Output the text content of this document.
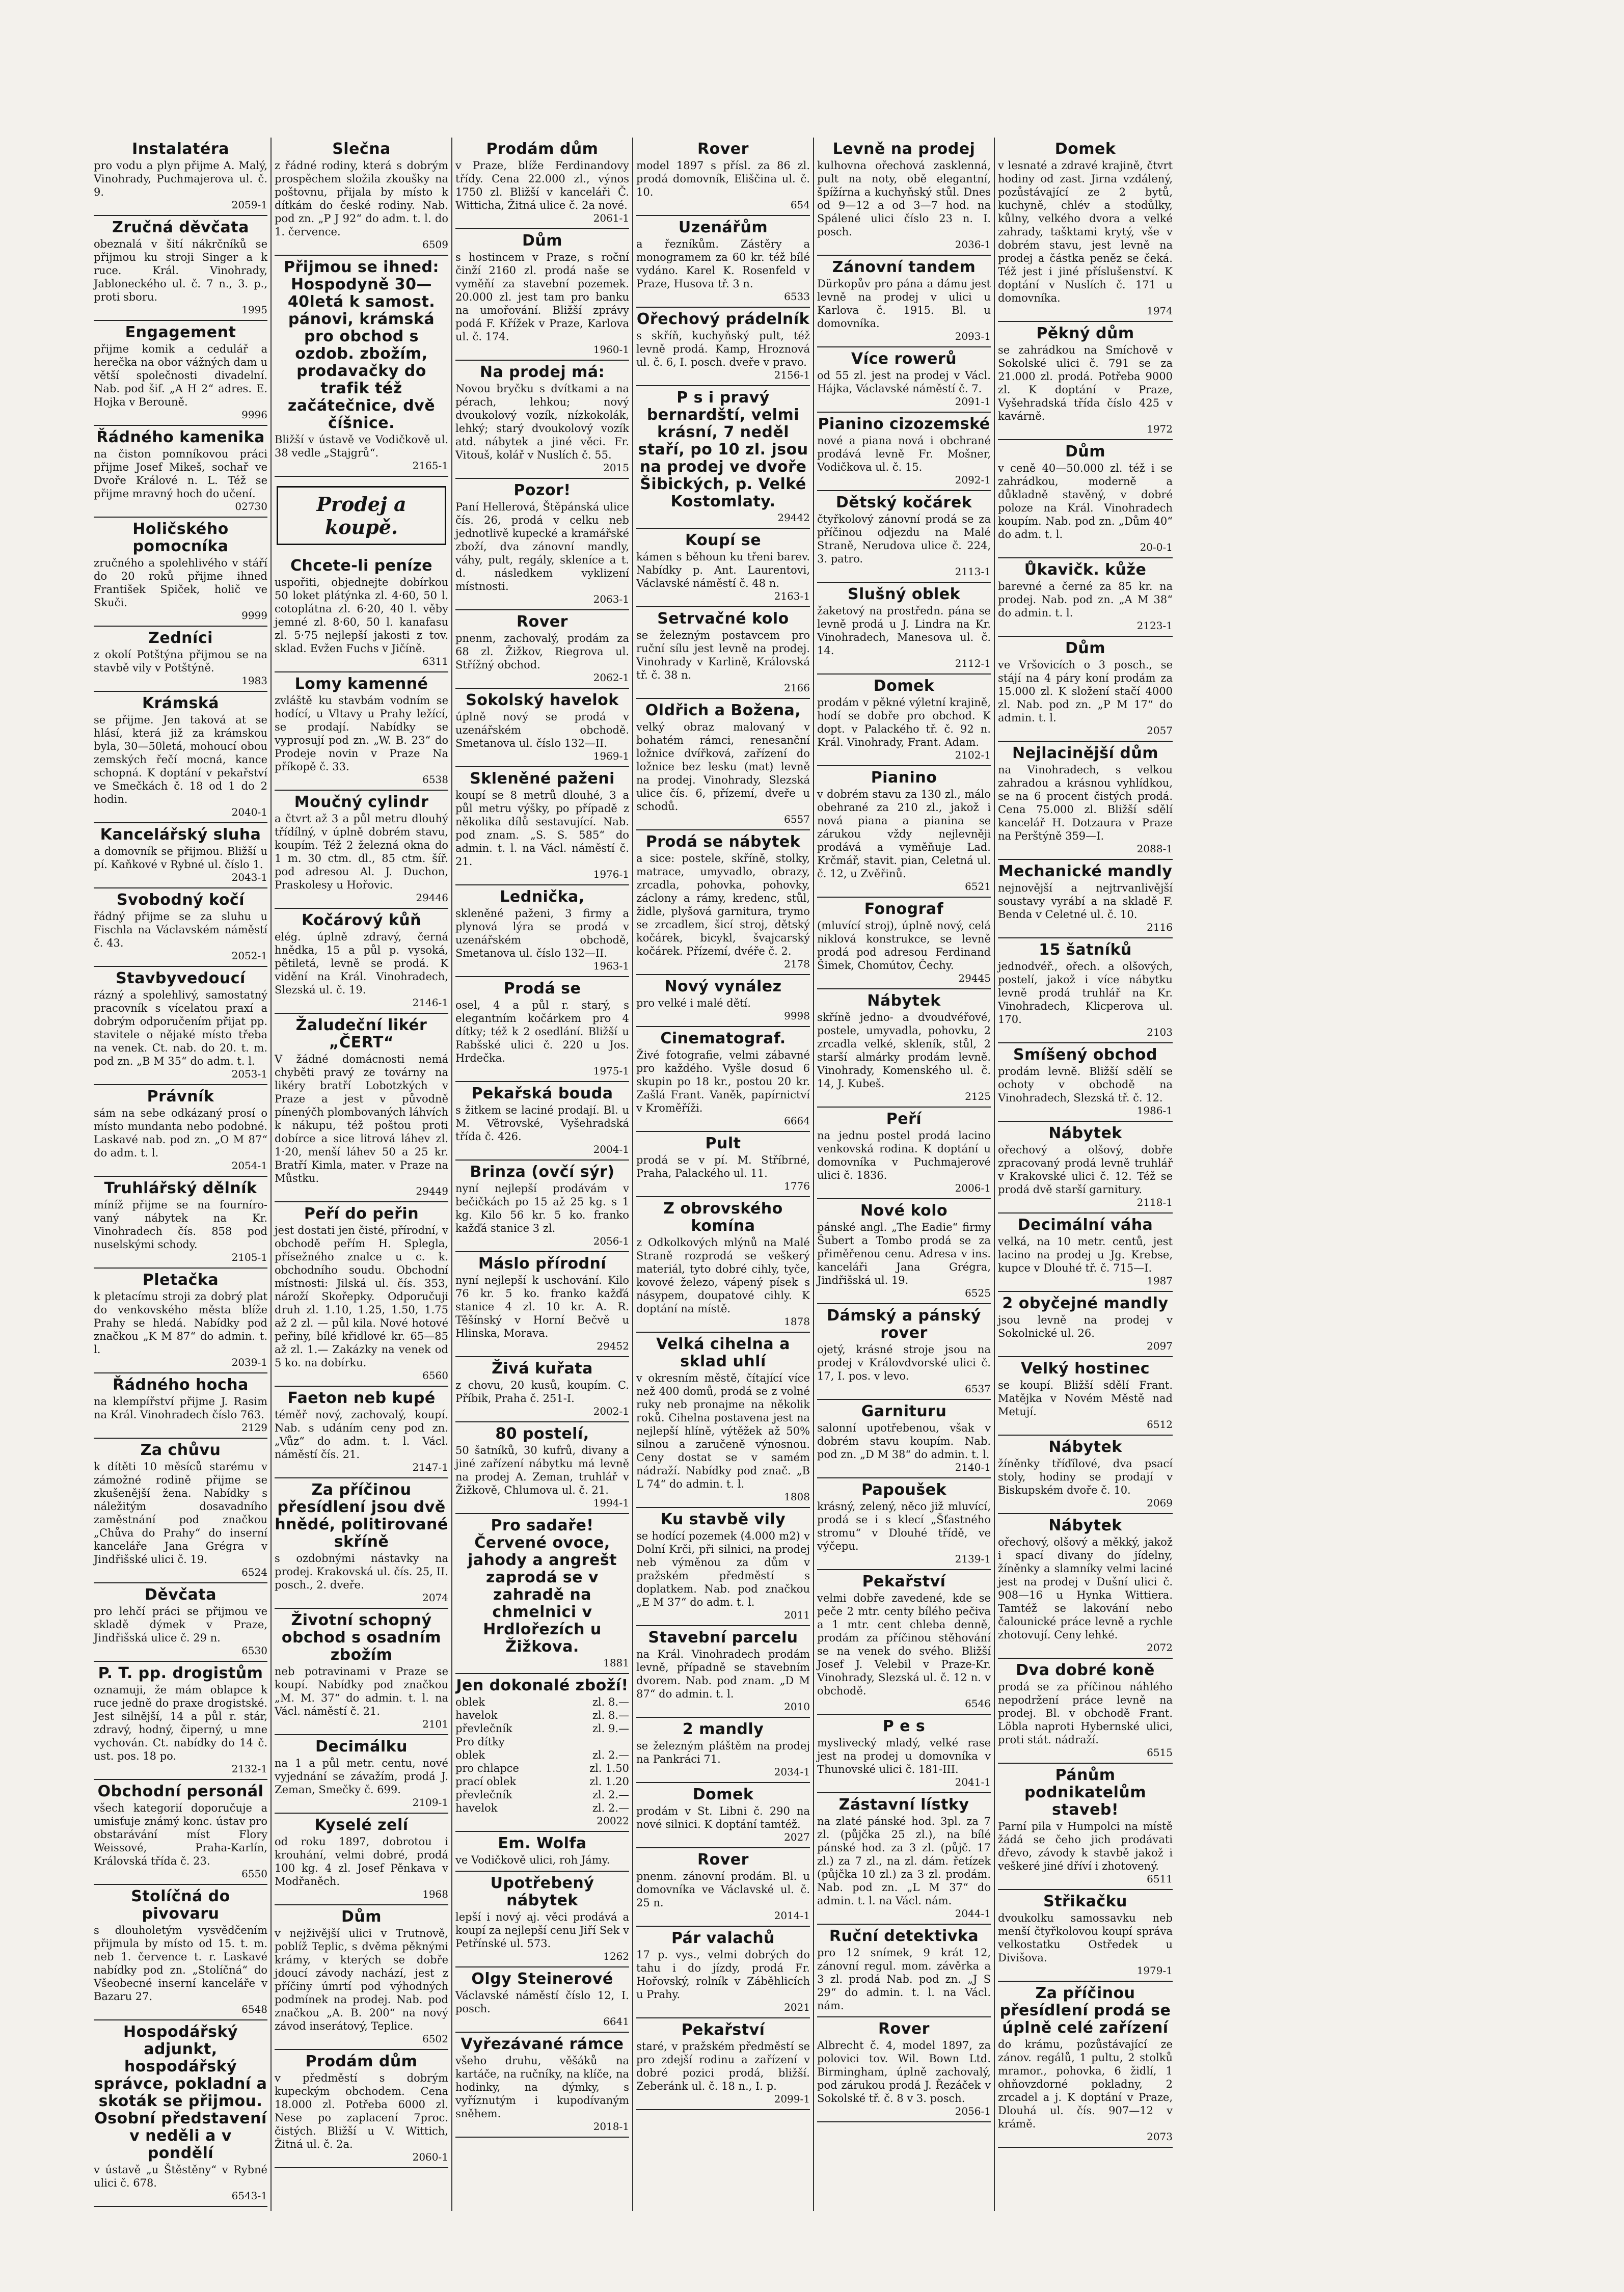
Instalatéra

pro vodu a plyn přijme A. Malý, Vinohrady, Puchmajerova ul. č. 9.

2059-1
Zručná děvčata

obeznalá v šití nákrčníků se přijmou ku stroji Singer a k ruce. Král. Vinohrady, Jabloneckého ul. č. 7 n., 3. p., proti sboru.

1995
Engagement

přijme komik a cedulář a herečka na obor vážných dam u větší společnosti divadelní. Nab. pod šif. „A H 2“ adres. E. Hojka v Berouně.

9996
Řádného kamenika

na čiston pomníkovou práci přijme Josef Mikeš, sochař ve Dvoře Králové n. L. Též se přijme mravný hoch do učení.

02730
Holičského pomocníka

zručného a spolehlivého v stáří do 20 roků přijme ihned František Spiček, holič ve Skuči.

9999
Zedníci

z okolí Potštýna přijmou se na stavbě vily v Potštýně.

1983
Krámská

se přijme. Jen taková at se hlásí, která již za krámskou byla, 30—50letá, mohoucí obou zemských řečí mocná, kance schopná. K doptání v pekařství ve Smečkách č. 18 od 1 do 2 hodin.

2040-1
Kancelářský sluha

a domovník se přijmou. Bližší u pí. Kaňkové v Rybné ul. číslo 1.

2043-1
Svobodný kočí

řádný přijme se za sluhu u Fischla na Václavském náměstí č. 43.

2052-1
Stavbyvedoucí

rázný a spolehlivý, samostatný pracovník s vícelatou praxí a dobrým odporučením přijat pp. stavitele o nějaké místo třeba na venek. Ct. nab. do 20. t. m. pod zn. „B M 35“ do adm. t. l.

2053-1
Právník

sám na sebe odkázaný prosí o místo mundanta nebo podobné. Laskavé nab. pod zn. „O M 87“ do adm. t. l.

2054-1
Truhlářský dělník

míníž přijme se na fourníro-vaný nábytek na Kr. Vinohradech čís. 858 pod nuselskými schody.

2105-1
Pletačka

k pletacímu stroji za dobrý plat do venkovského města blíže Prahy se hledá. Nabídky pod značkou „K M 87“ do admin. t. l.

2039-1
Řádného hocha

na klempířství přijme J. Rasim na Král. Vinohradech číslo 763.

2129
Za chůvu

k dítěti 10 měsíců starému v zámožné rodině přijme se zkušenější žena. Nabídky s náležitým dosavadního zaměstnání pod značkou „Chůva do Prahy“ do inserní kanceláře Jana Grégra v Jindřišské ulici č. 19.

6524
Děvčata

pro lehčí práci se přijmou ve skladě dýmek v Praze, Jindřišská ulice č. 29 n.

6530
P. T. pp. drogistům

oznamuji, že mám oblapce k ruce jedně do praxe drogistské. Jest silnější, 14 a půl r. stár, zdravý, hodný, čiperný, u mne vychován. Ct. nabídky do 14 č. ust. pos. 18 po.

2132-1
Obchodní personál

všech kategorií doporučuje a umisťuje známý konc. ústav pro obstarávání míst Flory Weissové, Praha-Karlín, Královská třída č. 23.

6550
Stolíčná do pivovaru

s dlouholetým vysvědčením přijmula by místo od 15. t. m. neb 1. července t. r. Laskavé nabídky pod zn. „Stolíčná“ do Všeobecné inserní kanceláře v Bazaru 27.

6548
Hospodářský adjunkt, hospodářský správce, pokladní a skoták se přijmou. Osobní představení v neděli a v pondělí

v ústavě „u Štěstěny“ v Rybné ulici č. 678.

6543-1
Slečna

z řádné rodiny, která s dobrým prospěchem složila zkoušky na poštovnu, přijala by místo k dítkám do české rodiny. Nab. pod zn. „P J 92“ do adm. t. l. do 1. července.

6509
Přijmou se ihned: Hospodyně 30—40letá k samost. pánovi, krámská pro obchod s ozdob. zbožím, prodavačky do trafik též začátečnice, dvě číšnice.

Bližší v ústavě ve Vodičkově ul. 38 vedle „Stajgrů“.

2165-1
Prodej a koupě.
Chcete-li peníze

uspořiti, objednejte dobírkou 50 loket plátýnka zl. 4·60, 50 l. cotoplátna zl. 6·20, 40 l. věby jemné zl. 8·60, 50 l. kanafasu zl. 5·75 nejlepší jakosti z tov. sklad. Evžen Fuchs v Jičíně.

6311
Lomy kamenné

zvláště ku stavbám vodním se hodící, u Vltavy u Prahy ležící, se prodají. Nabídky se vyprosují pod zn. „W. B. 23“ do Prodeje novin v Praze Na příkopě č. 33.

6538
Moučný cylindr

a čtvrt až 3 a půl metru dlouhý třídílný, v úplně dobrém stavu, koupím. Též 2 železná okna do 1 m. 30 ctm. dl., 85 ctm. šíř. pod adresou Al. J. Duchon, Praskolesy u Hořovic.

29446
Kočárový kůň

elég. úplně zdravý, černá hnědka, 15 a půl p. vysoká, pětiletá, levně se prodá. K vidění na Král. Vinohradech, Slezská ul. č. 19.

2146-1
Žaludeční likér „ČERT“

V žádné domácnosti nemá chyběti pravý ze továrny na likéry bratří Lobotzkých v Praze a jest v původně pínenýčh plombovaných láhvích k nákupu, též poštou proti dobírce a sice litrová láhev zl. 1·20, menší láhev 50 a 25 kr. Bratří Kimla, mater. v Praze na Můstku.

29449
Peří do peřin

jest dostati jen čisté, přírodní, v obchodě peřím H. Splegla, přísežného znalce u c. k. obchodního soudu. Obchodní místnosti: Jilská ul. čís. 353, nároží Skořepky. Odporučuji druh zl. 1.10, 1.25, 1.50, 1.75 až 2 zl. — půl kila. Nové hotové peřiny, bílé křidlové kr. 65—85 až zl. 1.— Zakázky na venek od 5 ko. na dobírku.

6560
Faeton neb kupé

téměř nový, zachovalý, koupí. Nab. s udáním ceny pod zn. „Vůz“ do adm. t. l. Václ. náměstí čís. 21.

2147-1
Za příčinou přesídlení jsou dvě hnědé, politirované skříně

s ozdobnými nástavky na prodej. Krakovská ul. čís. 25, II. posch., 2. dveře.

2074
Životní schopný obchod s osadním zbožím

neb potravinami v Praze se koupí. Nabídky pod značkou „M. M. 37“ do admin. t. l. na Václ. náměstí č. 21.

2101
Decimálku

na 1 a půl metr. centu, nové vyjednání se závažím, prodá J. Zeman, Smečky č. 699.

2109-1
Kyselé zelí

od roku 1897, dobrotou i krouhání, velmi dobré, prodá 100 kg. 4 zl. Josef Pěnkava v Modřaněch.

1968
Dům

v nejživější ulici v Trutnově, poblíž Teplic, s dvěma pěknými krámy, v kterých se dobře jdoucí závody nachází, jest z příčiny úmrtí pod výhodných podmínek na prodej. Nab. pod značkou „A. B. 200“ na nový závod inserátový, Teplice.

6502
Prodám dům

v předměstí s dobrým kupeckým obchodem. Cena 18.000 zl. Potřeba 6000 zl. Nese po zaplacení 7proc. čistých. Bližší u V. Wittich, Žitná ul. č. 2a.

2060-1
Prodám dům

v Praze, blíže Ferdinandovy třídy. Cena 22.000 zl., výnos 1750 zl. Bližší v kanceláři Č. Witticha, Žitná ulice č. 2a nové.

2061-1
Dům

s hostincem v Praze, s roční činží 2160 zl. prodá naše se vyměňí za stavební pozemek. 20.000 zl. jest tam pro banku na umořování. Bližší zprávy podá F. Křížek v Praze, Karlova ul. č. 174.

1960-1
Na prodej má:

Novou bryčku s dvítkami a na pérach, lehkou; nový dvoukolový vozík, nízkokolák, lehký; starý dvoukolový vozík atd. nábytek a jiné věci. Fr. Vitouš, kolář v Nuslích č. 55.

2015
Pozor!

Paní Hellerová, Štěpánská ulice čís. 26, prodá v celku neb jednotlivě kupecké a kramářské zboží, dva zánovní mandly, váhy, pult, regály, skleníce a t. d. následkem vyklizení místnosti.

2063-1
Rover

pnenm, zachovalý, prodám za 68 zl. Žižkov, Riegrova ul. Střížný obchod.

2062-1
Sokolský havelok

úplně nový se prodá v uzenářském obchodě. Smetanova ul. číslo 132—II.

1969-1
Skleněné paženi

koupí se 8 metrů dlouhé, 3 a půl metru výšky, po případě z několika dílů sestavující. Nab. pod znam. „S. S. 585“ do admin. t. l. na Václ. náměstí č. 21.

1976-1
Lednička,

skleněné paženi, 3 firmy a plynová lýra se prodá v uzenářském obchodě, Smetanova ul. číslo 132—II.

1963-1
Prodá se

osel, 4 a půl r. starý, s elegantním kočárkem pro 4 dítky; též k 2 osedlání. Bližší u Rabšské ulici č. 220 u Jos. Hrdečka.

1975-1
Pekařská bouda

s žitkem se laciné prodají. Bl. u M. Větrovské, Vyšehradská třída č. 426.

2004-1
Brinza (ovčí sýr)

nyní nejlepší prodávám v bečičkách po 15 až 25 kg. s 1 kg. Kilo 56 kr. 5 ko. franko kažďá stanice 3 zl.

2056-1
Máslo přírodní

nyní nejlepší k uschování. Kilo 76 kr. 5 ko. franko kažďá stanice 4 zl. 10 kr. A. R. Těšínský v Horní Bečvě u Hlinska, Morava.

29452
Živá kuřata

z chovu, 20 kusů, koupím. C. Příbik, Praha č. 251-I.

2002-1
80 postelí,

50 šatníků, 30 kufrů, divany a jiné zařízení nábytku má levně na prodej A. Zeman, truhlář v Žižkově, Chlumova ul. č. 21.

1994-1
Pro sadaře! Červené ovoce, jahody a angrešt zaprodá se v zahradě na chmelnici v Hrdlořezích u Žižkova.
1881
Jen dokonalé zboží!
oblek	zl. 8.—
havelok	zl. 8.—
převlečník	zl. 9.—
Pro dítky
oblek	zl. 2.—
pro chlapce	zl. 1.50
prací oblek	zl. 1.20
převlečník	zl. 2.—
havelok	zl. 2.—
20022
Em. Wolfa

ve Vodičkově ulici, roh Jámy.

Upotřebený nábytek

lepší i nový aj. věci prodává a koupí za nejlepší cenu Jiří Sek v Petřínské ul. 573.

1262
Olgy Steinerové

Václavské náměstí číslo 12, I. posch.

6641
Vyřezávané rámce

všeho druhu, věšáků na kartáče, na ručníky, na klíče, na hodinky, na dýmky, s vyříznutým i kupodívaným sněhem.

2018-1
Rover

model 1897 s přísl. za 86 zl. prodá domovník, Eliščina ul. č. 10.

654
Uzenářům

a řezníkům. Zástěry a monogramem za 60 kr. též bílé vydáno. Karel K. Rosenfeld v Praze, Husova tř. 3 n.

6533
Ořechový prádelník

s skříň, kuchyňský pult, též levně prodá. Kamp, Hroznová ul. č. 6, I. posch. dveře v pravo.

2156-1
P s i pravý bernardští, velmi krásní, 7 neděl staří, po 10 zl. jsou na prodej ve dvoře Šibických, p. Velké Kostomlaty.
29442
Koupí se

kámen s běhoun ku třeni barev. Nabídky p. Ant. Laurentovi, Václavské náměstí č. 48 n.

2163-1
Setrvačné kolo

se železným postavcem pro ruční sílu jest levně na prodej. Vinohrady v Karlině, Královská tř. č. 38 n.

2166
Oldřich a Božena,

velký obraz malovaný v bohatém rámci, renesanční ložnice dvířková, zařízení do ložnice bez lesku (mat) levně na prodej. Vinohrady, Slezská ulice čís. 6, přízemí, dveře u schodů.

6557
Prodá se nábytek

a sice: postele, skříně, stolky, matrace, umyvadlo, obrazy, zrcadla, pohovka, pohovky, záclony a rámy, kredenc, stůl, židle, plyšová garnitura, trymo se zrcadlem, šicí stroj, dětský kočárek, bicykl, švajcarský kočárek. Přízemí, dvéře č. 2.

2178
Nový vynález

pro velké i malé dětí.

9998
Cinematograf.

Živé fotografie, velmi zábavné pro každého. Vyšle dosud 6 skupin po 18 kr., postou 20 kr. Zašlá Frant. Vaněk, papírnictví v Kroměříži.

6664
Pult

prodá se v pí. M. Stříbrné, Praha, Palackého ul. 11.

1776
Z obrovského komína

z Odkolkových mlýnů na Malé Straně rozprodá se veškerý materiál, tyto dobré cihly, tyče, kovové železo, vápený písek s násypem, doupatové cihly. K doptání na místě.

1878
Velká cihelna a sklad uhlí

v okresním městě, čítající více než 400 domů, prodá se z volné ruky neb pronajme na několik roků. Cihelna postavena jest na nejlepší hlíně, výtěžek až 50% silnou a zaručeně výnosnou. Ceny dostat se v samém nádraží. Nabídky pod znač. „B L 74“ do admin. t. l.

1808
Ku stavbě vily

se hodící pozemek (4.000 m2) v Dolní Krči, při silnici, na prodej neb výměnou za dům v pražském předměstí s doplatkem. Nab. pod značkou „E M 37“ do adm. t. l.

2011
Stavební parcelu

na Král. Vinohradech prodám levně, případně se stavebním dvorem. Nab. pod znam. „D M 87“ do admin. t. l.

2010
2 mandly

se železným pláštěm na prodej na Pankráci 71.

2034-1
Domek

prodám v St. Libni č. 290 na nové silnici. K doptání tamtéž.

2027
Rover

pnenm. zánovní prodám. Bl. u domovníka ve Václavské ul. č. 25 n.

2014-1
Pár valachů

17 p. vys., velmi dobrých do tahu i do jízdy, prodá Fr. Hořovský, rolník v Záběhlicích u Prahy.

2021
Pekařství

staré, v pražském předměstí se pro zdejší rodinu a zařízení v dobré pozici prodá, bližší. Zeberánk ul. č. 18 n., I. p.

2099-1
Levně na prodej

kulhovna ořechová zasklenná, pult na noty, obě elegantní, špížírna a kuchyňský stůl. Dnes od 9—12 a od 3—7 hod. na Spálené ulici číslo 23 n. I. posch.

2036-1
Zánovní tandem

Dürkopův pro pána a dámu jest levně na prodej v ulici u Karlova č. 1915. Bl. u domovníka.

2093-1
Více rowerů

od 55 zl. jest na prodej v Václ. Hájka, Václavské náměstí č. 7.

2091-1
Pianino cizozemské

nové a piana nová i obchrané prodává levně Fr. Mošner, Vodičkova ul. č. 15.

2092-1
Dětský kočárek

čtyřkolový zánovní prodá se za příčinou odjezdu na Malé Straně, Nerudova ulice č. 224, 3. patro.

2113-1
Slušný oblek

žaketový na prostředn. pána se levně prodá u J. Lindra na Kr. Vinohradech, Manesova ul. č. 14.

2112-1
Domek

prodám v pěkné výletní krajině, hodí se dobře pro obchod. K dopt. v Palackého tř. č. 92 n. Král. Vinohrady, Frant. Adam.

2102-1
Pianino

v dobrém stavu za 130 zl., málo obehrané za 210 zl., jakož i nová piana a pianina se zárukou vždy nejlevněji prodává a vyměňuje Lad. Krčmář, stavit. pian, Celetná ul. č. 12, u Zvěřinů.

6521
Fonograf

(mluvící stroj), úplně nový, celá niklová konstrukce, se levně prodá pod adresou Ferdinand Šimek, Chomútov, Čechy.

29445
Nábytek

skříně jedno- a dvoudvéřové, postele, umyvadla, pohovku, 2 zrcadla velké, skleník, stůl, 2 starší almárky prodám levně. Vinohrady, Komenského ul. č. 14, J. Kubeš.

2125
Peří

na jednu postel prodá lacino venkovská rodina. K doptání u domovníka v Puchmajerové ulici č. 1836.

2006-1
Nové kolo

pánské angl. „The Eadie“ firmy Šubert a Tombo prodá se za přiměřenou cenu. Adresa v ins. kanceláři Jana Grégra, Jindřišská ul. 19.

6525
Dámský a pánský rover

ojetý, krásné stroje jsou na prodej v Královdvorské ulici č. 17, I. pos. v levo.

6537
Garnituru

salonní upotřebenou, však v dobrém stavu koupím. Nab. pod zn. „D M 38“ do admin. t. l.

2140-1
Papoušek

krásný, zelený, něco již mluvící, prodá se i s klecí „Šťastného stromu“ v Dlouhé třídě, ve výčepu.

2139-1
Pekařství

velmi dobře zavedené, kde se peče 2 mtr. centy bílého pečiva a 1 mtr. cent chleba denně, prodám za příčinou stěhování se na venek do svého. Bližší Josef J. Velebil v Praze-Kr. Vinohrady, Slezská ul. č. 12 n. v obchodě.

6546
P e s

myslivecký mladý, velké rase jest na prodej u domovníka v Thunovské ulici č. 181-III.

2041-1
Zástavní lístky

na zlaté pánské hod. 3pl. za 7 zl. (půjčka 25 zl.), na bílé pánské hod. za 3 zl. (půjč. 17 zl.) za 7 zl., na zl. dám. řetízek (půjčka 10 zl.) za 3 zl. prodám. Nab. pod zn. „L M 37“ do admin. t. l. na Václ. nám.

2044-1
Ruční detektivka

pro 12 snímek, 9 krát 12, zánovní regul. mom. závěrka a 3 zl. prodá Nab. pod zn. „J S 29“ do admin. t. l. na Václ. nám.

Rover

Albrecht č. 4, model 1897, za polovici tov. Wil. Bown Ltd. Birmingham, úplně zachovalý, pod zárukou prodá J. Řezáček v Sokolské tř. č. 8 v 3. posch.

2056-1
Domek

v lesnaté a zdravé krajině, čtvrt hodiny od zast. Jirna vzdálený, pozůstávající ze 2 bytů, kuchyně, chlév a stodůlky, kůlny, velkého dvora a velké zahrady, tašktami krytý, vše v dobrém stavu, jest levně na prodej a částka peněz se čeká. Též jest i jiné příslušenství. K doptání v Nuslích č. 171 u domovníka.

1974
Pěkný dům

se zahrádkou na Smíchově v Sokolské ulici č. 791 se za 21.000 zl. prodá. Potřeba 9000 zl. K doptání v Praze, Vyšehradská třída číslo 425 v kavárně.

1972
Dům

v ceně 40—50.000 zl. též i se zahrádkou, moderně a důkladně stavěný, v dobré poloze na Král. Vinohradech koupím. Nab. pod zn. „Dům 40“ do adm. t. l.

20-0-1
Ůkavičk. kůže

barevné a černé za 85 kr. na prodej. Nab. pod zn. „A M 38“ do admin. t. l.

2123-1
Dům

ve Vršovicích o 3 posch., se stájí na 4 páry koní prodám za 15.000 zl. K složení stačí 4000 zl. Nab. pod zn. „P M 17“ do admin. t. l.

2057
Nejlacinější dům

na Vinohradech, s velkou zahradou a krásnou vyhlídkou, se na 6 procent čistých prodá. Cena 75.000 zl. Bližší sdělí kancelář H. Dotzaura v Praze na Perštýně 359—I.

2088-1
Mechanické mandly

nejnovější a nejtrvanlivější soustavy vyrábí a na skladě F. Benda v Celetné ul. č. 10.

2116
15 šatníků

jednodvéř., ořech. a olšových, postelí, jakož i více nábytku levně prodá truhlář na Kr. Vinohradech, Klicperova ul. 170.

2103
Smíšený obchod

prodám levně. Bližší sdělí se ochoty v obchodě na Vinohradech, Slezská tř. č. 12.

1986-1
Nábytek

ořechový a olšový, dobře zpracovaný prodá levně truhlář v Krakovské ulici č. 12. Též se prodá dvě starší garnitury.

2118-1
Decimální váha

velká, na 10 metr. centů, jest lacino na prodej u Jg. Krebse, kupce v Dlouhé tř. č. 715—I.

1987
2 obyčejné mandly

jsou levně na prodej v Sokolnické ul. 26.

2097
Velký hostinec

se koupí. Bližší sdělí Frant. Matějka v Novém Městě nad Metují.

6512
Nábytek

žíněnky tříďílové, dva psací stoly, hodiny se prodají v Biskupském dvoře č. 10.

2069
Nábytek

ořechový, olšový a měkký, jakož i spací divany do jídelny, žíněnky a slamníky velmi laciné jest na prodej v Dušní ulici č. 908—16 u Hynka Wittiera. Tamtéž se lakování nebo čalounické práce levně a rychle zhotovují. Ceny lehké.

2072
Dva dobré koně

prodá se za příčinou náhlého nepodržení práce levně na prodej. Bl. v obchodě Frant. Löbla naproti Hybernské ulici, proti stát. nádraží.

6515
Pánům podnikatelům staveb!

Parní pila v Humpolci na místě žádá se čeho jich prodávati dřevo, závody k stavbě jakož i veškeré jiné dříví i zhotovený.

6511
Střikačku

dvoukolku samossavku neb menší čtyřkolovou koupí správa velkostatku Ostředek u Divišova.

1979-1
Za příčinou přesídlení prodá se úplně celé zařízení

do krámu, pozůstávající ze zánov. regálů, 1 pultu, 2 stolků mramor., pohovka, 6 židlí, 1 ohňovzdorné pokladny, 2 zrcadel a j. K doptání v Praze, Dlouhá ul. čís. 907—12 v krámě.

2073
